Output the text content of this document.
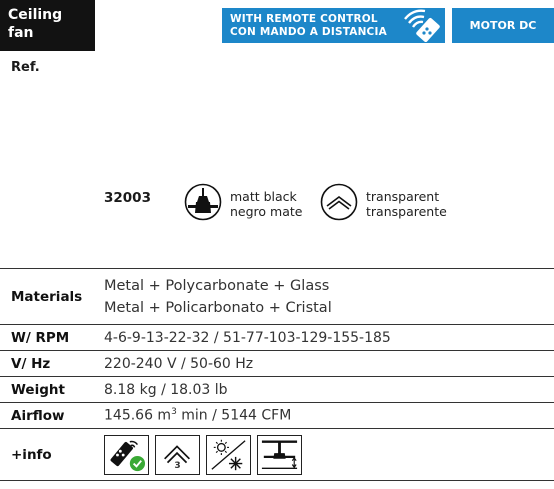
Ceiling
fan
WITH REMOTE CONTROL
CON MANDO A DISTANCIA	MOTOR DC
Ref.
32003	matt black
negro mate
transparent
transparente
Materials	Metal + Polycarbonate + Glass
Metal + Policarbonato + Cristal

W/ RPM	4-6-9-13-22-32 / 51-77-103-129-155-185
V/ Hz	220-240 V / 50-60 Hz
Weight	8.18 kg / 18.03 lb
Airflow	145.66 $m^3$ min / 5144 CFM
+info	3
